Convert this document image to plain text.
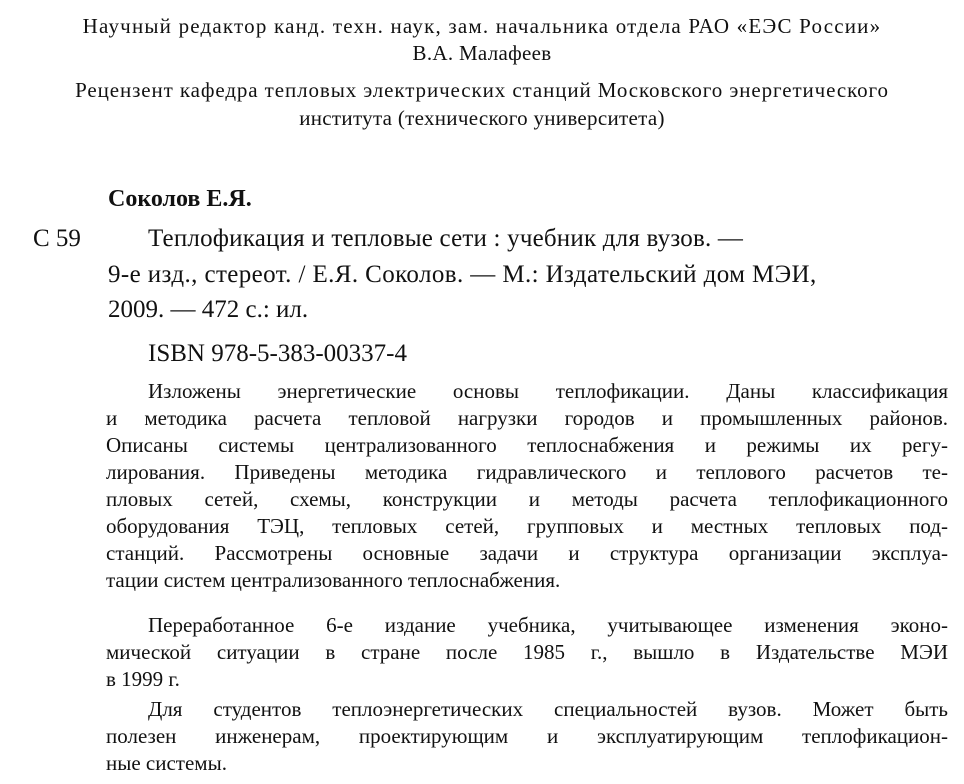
Научный редактор канд. техн. наук, зам. начальника отдела РАО «ЕЭС России»
В.А. Малафеев
Рецензент кафедра тепловых электрических станций Московского энергетического
института (технического университета)
Соколов Е.Я.
С 59	Теплофикация и тепловые сети : учебник для вузов. —
9-е изд., стереот. / Е.Я. Соколов. — М.: Издательский дом МЭИ,
2009. — 472 с.: ил.
ISBN 978-5-383-00337-4
Изложены энергетические основы теплофикации. Даны классификация
и методика расчета тепловой нагрузки городов и промышленных районов.
Описаны системы централизованного теплоснабжения и режимы их регу-
лирования. Приведены методика гидравлического и теплового расчетов те-
пловых сетей, схемы, конструкции и методы расчета теплофикационного
оборудования ТЭЦ, тепловых сетей, групповых и местных тепловых под-
станций. Рассмотрены основные задачи и структура организации эксплуа-
тации систем централизованного теплоснабжения.
Переработанное 6-е издание учебника, учитывающее изменения эконо-
мической ситуации в стране после 1985 г., вышло в Издательстве МЭИ
в 1999 г.
Для студентов теплоэнергетических специальностей вузов. Может быть
полезен инженерам, проектирующим и эксплуатирующим теплофикацион-
ные системы.
